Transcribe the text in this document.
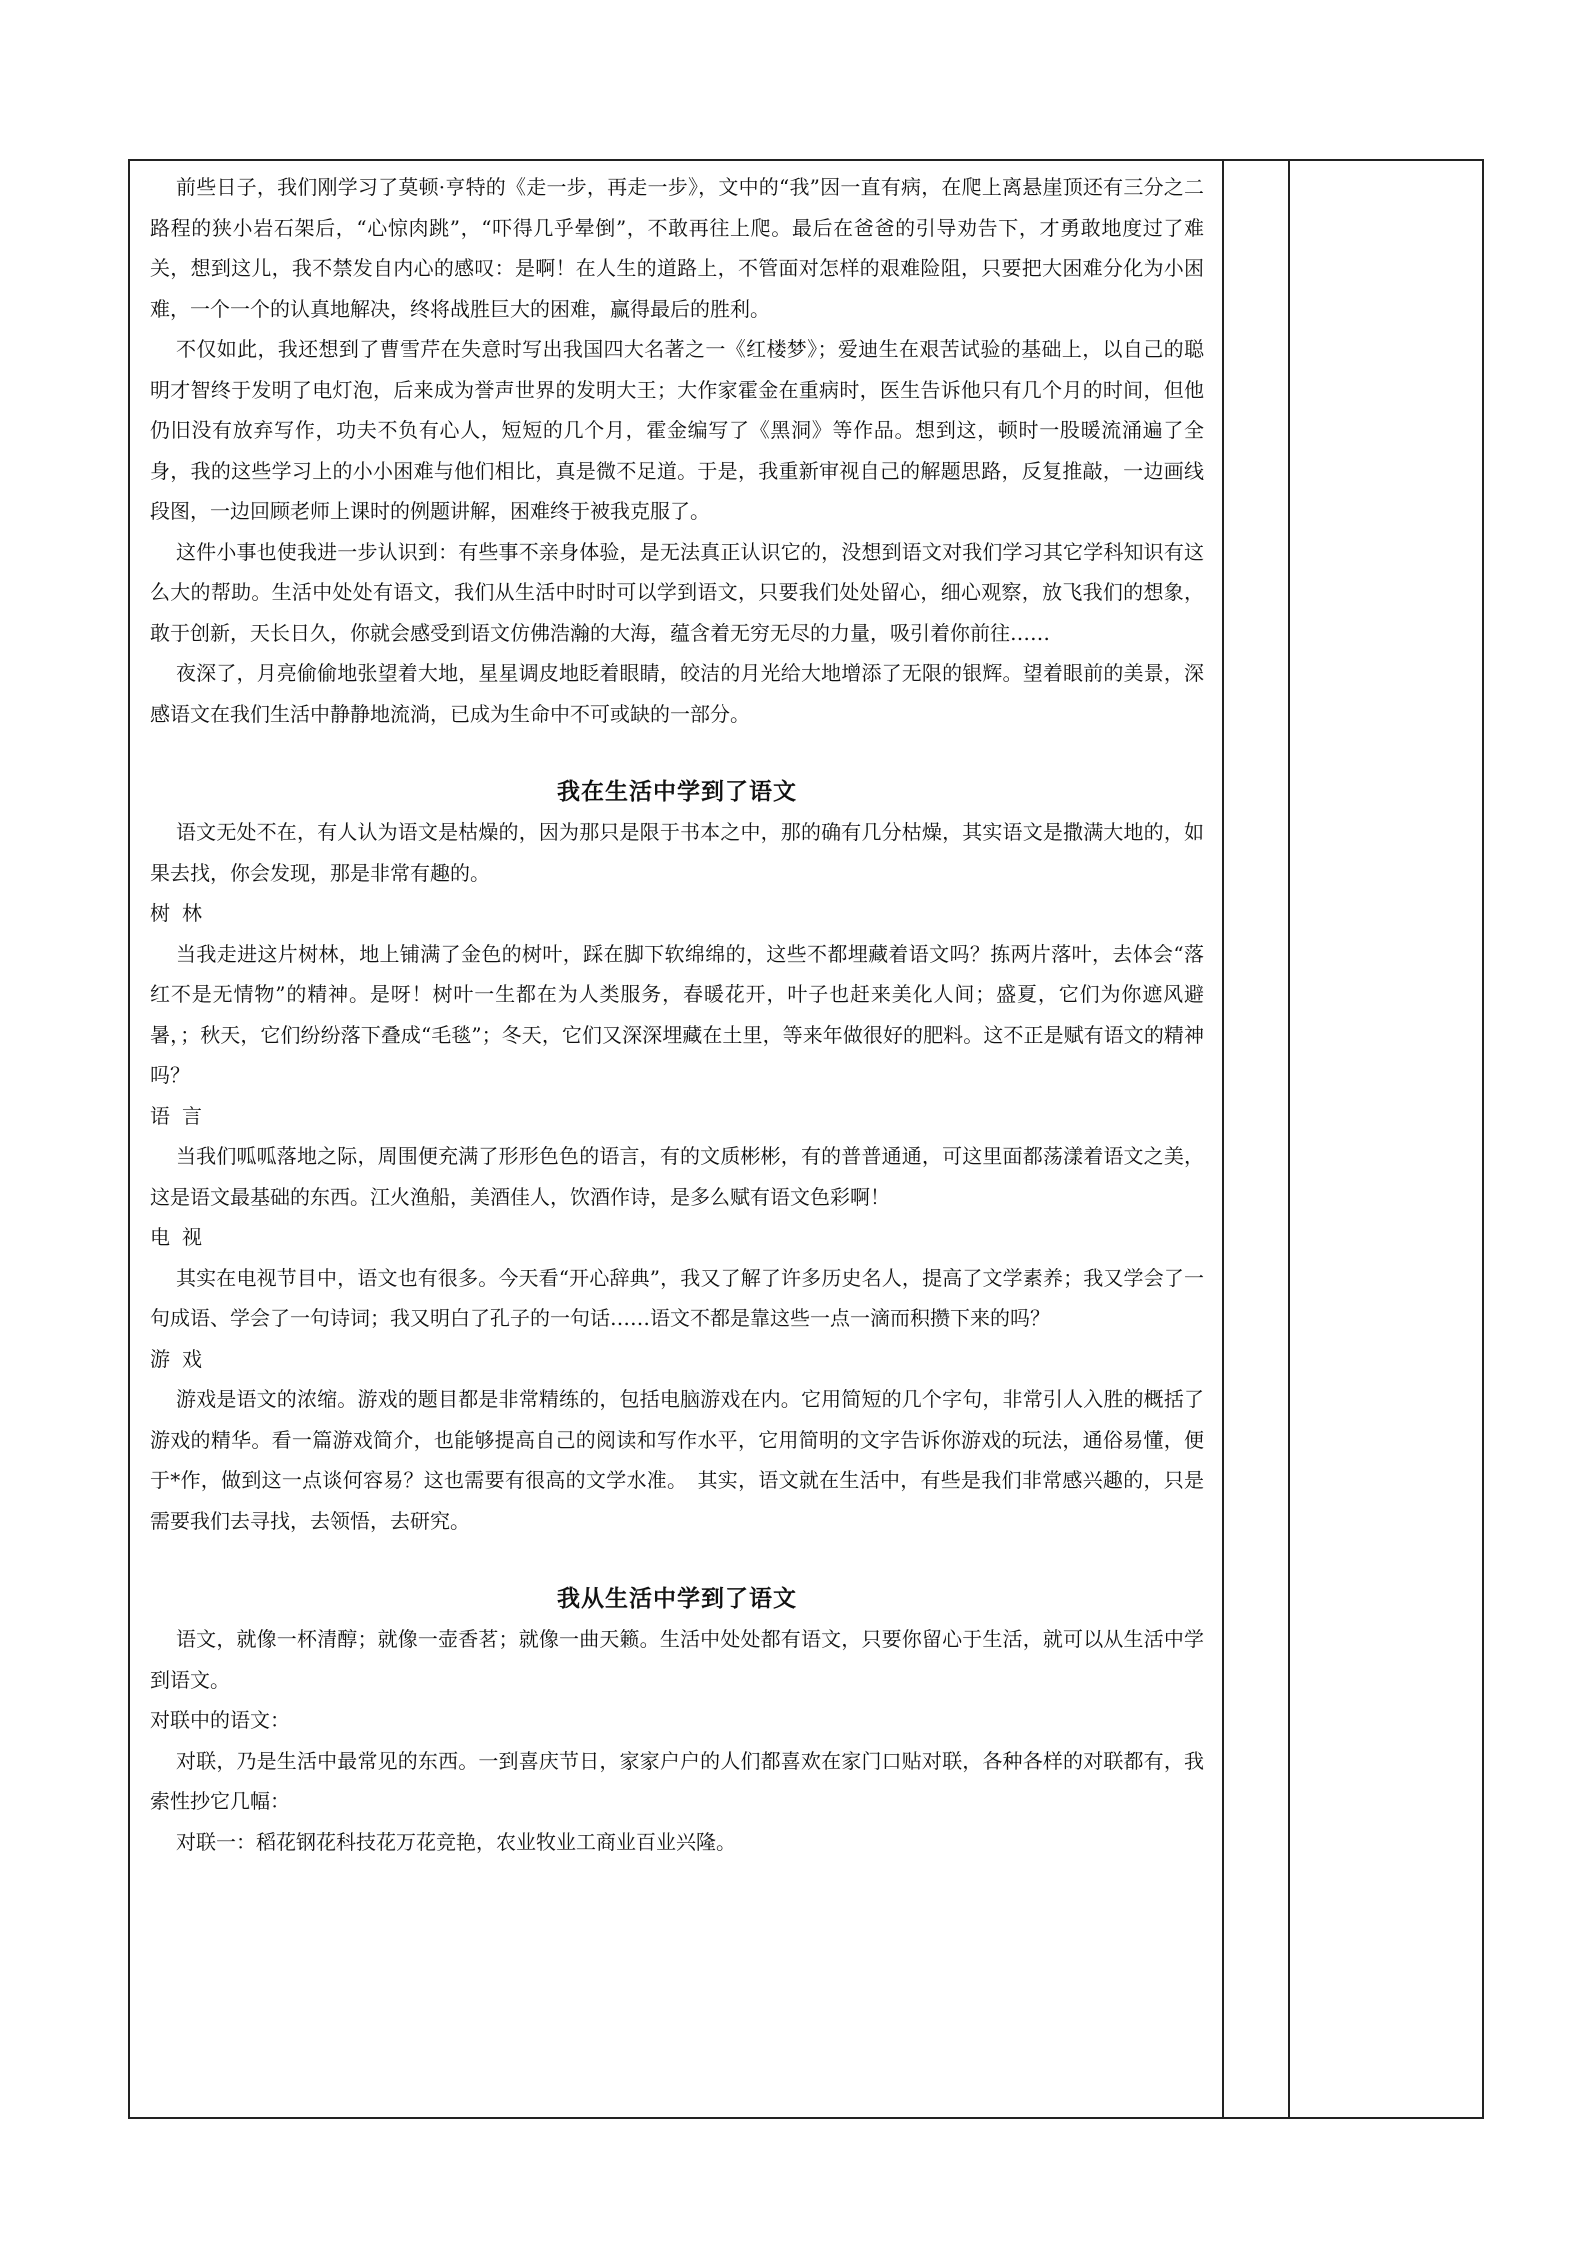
前些日子，我们刚学习了莫顿·亨特的《走一步，再走一步》，文中的“我”因一直有病，在爬上离悬崖顶还有三分之二路程的狭小岩石架后，“心惊肉跳”，“吓得几乎晕倒”，不敢再往上爬。最后在爸爸的引导劝告下，才勇敢地度过了难关，想到这儿，我不禁发自内心的感叹：是啊！在人生的道路上，不管面对怎样的艰难险阻，只要把大困难分化为小困难，一个一个的认真地解决，终将战胜巨大的困难，赢得最后的胜利。

不仅如此，我还想到了曹雪芹在失意时写出我国四大名著之一《红楼梦》；爱迪生在艰苦试验的基础上，以自己的聪明才智终于发明了电灯泡，后来成为誉声世界的发明大王；大作家霍金在重病时，医生告诉他只有几个月的时间，但他仍旧没有放弃写作，功夫不负有心人，短短的几个月，霍金编写了《黑洞》等作品。想到这，顿时一股暖流涌遍了全身，我的这些学习上的小小困难与他们相比，真是微不足道。于是，我重新审视自己的解题思路，反复推敲，一边画线段图，一边回顾老师上课时的例题讲解，困难终于被我克服了。

这件小事也使我进一步认识到：有些事不亲身体验，是无法真正认识它的，没想到语文对我们学习其它学科知识有这么大的帮助。生活中处处有语文，我们从生活中时时可以学到语文，只要我们处处留心，细心观察，放飞我们的想象，敢于创新，天长日久，你就会感受到语文仿佛浩瀚的大海，蕴含着无穷无尽的力量，吸引着你前往……

夜深了，月亮偷偷地张望着大地，星星调皮地眨着眼睛，皎洁的月光给大地增添了无限的银辉。望着眼前的美景，深感语文在我们生活中静静地流淌，已成为生命中不可或缺的一部分。

我在生活中学到了语文

语文无处不在，有人认为语文是枯燥的，因为那只是限于书本之中，那的确有几分枯燥，其实语文是撒满大地的，如果去找，你会发现，那是非常有趣的。

树林

当我走进这片树林，地上铺满了金色的树叶，踩在脚下软绵绵的，这些不都埋藏着语文吗？拣两片落叶，去体会“落红不是无情物”的精神。是呀！树叶一生都在为人类服务，春暖花开，叶子也赶来美化人间；盛夏，它们为你遮风避暑，；秋天，它们纷纷落下叠成“毛毯”；冬天，它们又深深埋藏在土里，等来年做很好的肥料。这不正是赋有语文的精神吗？

语言

当我们呱呱落地之际，周围便充满了形形色色的语言，有的文质彬彬，有的普普通通，可这里面都荡漾着语文之美，这是语文最基础的东西。江火渔船，美酒佳人，饮酒作诗，是多么赋有语文色彩啊！

电视

其实在电视节目中，语文也有很多。今天看“开心辞典”，我又了解了许多历史名人，提高了文学素养；我又学会了一句成语、学会了一句诗词；我又明白了孔子的一句话……语文不都是靠这些一点一滴而积攒下来的吗？

游戏

游戏是语文的浓缩。游戏的题目都是非常精练的，包括电脑游戏在内。它用简短的几个字句，非常引人入胜的概括了游戏的精华。看一篇游戏简介，也能够提高自己的阅读和写作水平，它用简明的文字告诉你游戏的玩法，通俗易懂，便于*作，做到这一点谈何容易？这也需要有很高的文学水准。　其实，语文就在生活中，有些是我们非常感兴趣的，只是需要我们去寻找，去领悟，去研究。

我从生活中学到了语文

语文，就像一杯清醇；就像一壶香茗；就像一曲天籁。生活中处处都有语文，只要你留心于生活，就可以从生活中学到语文。

对联中的语文：

对联，乃是生活中最常见的东西。一到喜庆节日，家家户户的人们都喜欢在家门口贴对联，各种各样的对联都有，我索性抄它几幅：

对联一：稻花钢花科技花万花竞艳，农业牧业工商业百业兴隆。
